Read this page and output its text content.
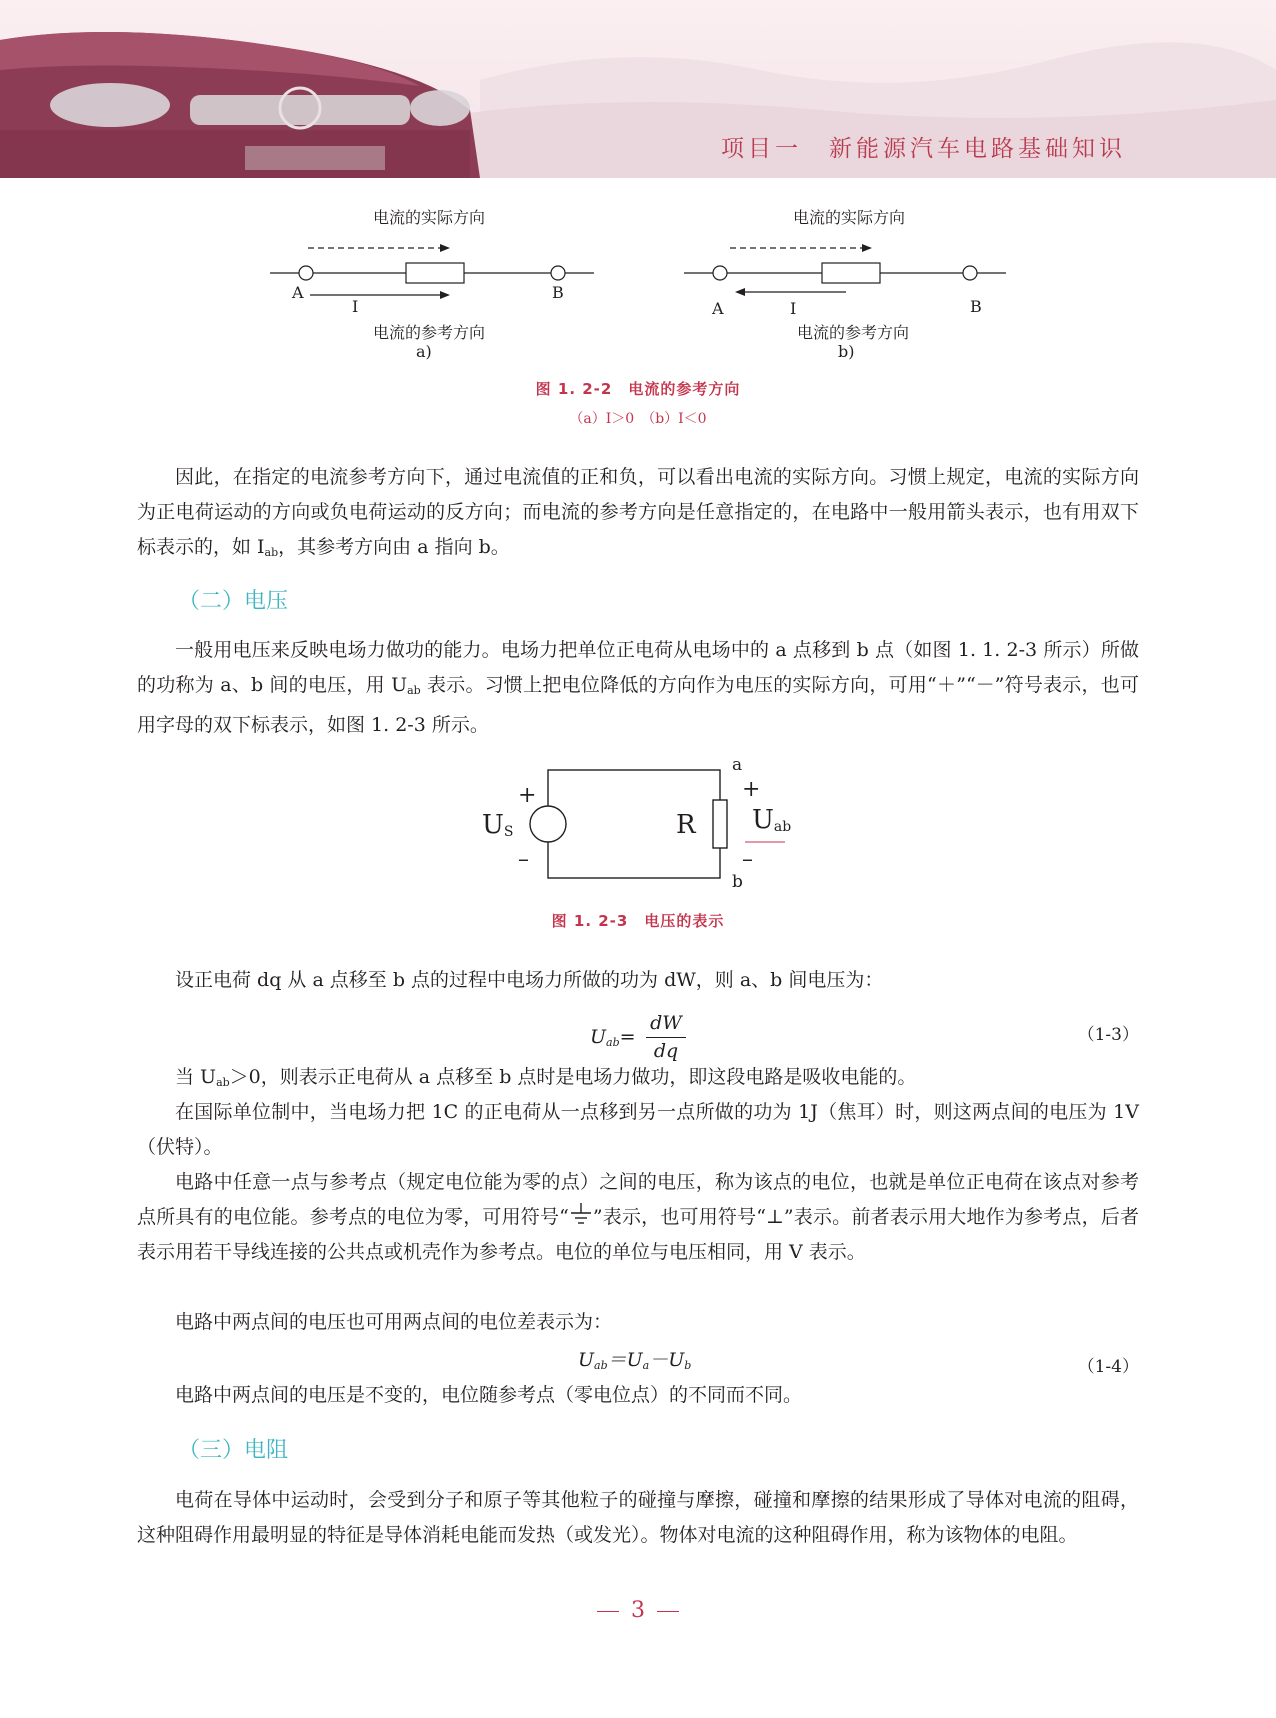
项目一　新能源汽车电路基础知识
电流的实际方向
A	B
I
电流的参考方向
a)
电流的实际方向
A	B
I
电流的参考方向
b)
图 1. 2-2　电流的参考方向
（a）I＞0　（b）I＜0

因此，在指定的电流参考方向下，通过电流值的正和负，可以看出电流的实际方向。习惯上规定，电流的实际方向为正电荷运动的方向或负电荷运动的反方向；而电流的参考方向是任意指定的，在电路中一般用箭头表示，也有用双下标表示的，如 $I_{ab}$，其参考方向由 a 指向 b。

（二）电压

一般用电压来反映电场力做功的能力。电场力把单位正电荷从电场中的 a 点移到 b 点（如图 1. 1. 2-3 所示）所做的功称为 a、b 间的电压，用 $U_{ab}$ 表示。习惯上把电位降低的方向作为电压的实际方向，可用“＋”“－”符号表示，也可用字母的双下标表示，如图 1. 2-3 所示。

+
–
$U_S$	R
a
b
+
–
$U_{ab}$
图 1. 2-3　电压的表示

设正电荷 dq 从 a 点移至 b 点的过程中电场力所做的功为 dW，则 a、b 间电压为：

$U_{ab}=$
dW
dq
（1-3）

当 $U_{ab}>0$，则表示正电荷从 a 点移至 b 点时是电场力做功，即这段电路是吸收电能的。

在国际单位制中，当电场力把 1C 的正电荷从一点移到另一点所做的功为 1J（焦耳）时，则这两点间的电压为 1V（伏特）。

电路中任意一点与参考点（规定电位能为零的点）之间的电压，称为该点的电位，也就是单位正电荷在该点对参考点所具有的电位能。参考点的电位为零，可用符号“ ”表示，也可用符号“⊥”表示。前者表示用大地作为参考点，后者表示用若干导线连接的公共点或机壳作为参考点。电位的单位与电压相同，用 V 表示。

电路中两点间的电压也可用两点间的电位差表示为：

$U_{ab}=U_a-U_b$	（1-4）

电路中两点间的电压是不变的，电位随参考点（零电位点）的不同而不同。

（三）电阻

电荷在导体中运动时，会受到分子和原子等其他粒子的碰撞与摩擦，碰撞和摩擦的结果形成了导体对电流的阻碍，这种阻碍作用最明显的特征是导体消耗电能而发热（或发光）。物体对电流的这种阻碍作用，称为该物体的电阻。

3
